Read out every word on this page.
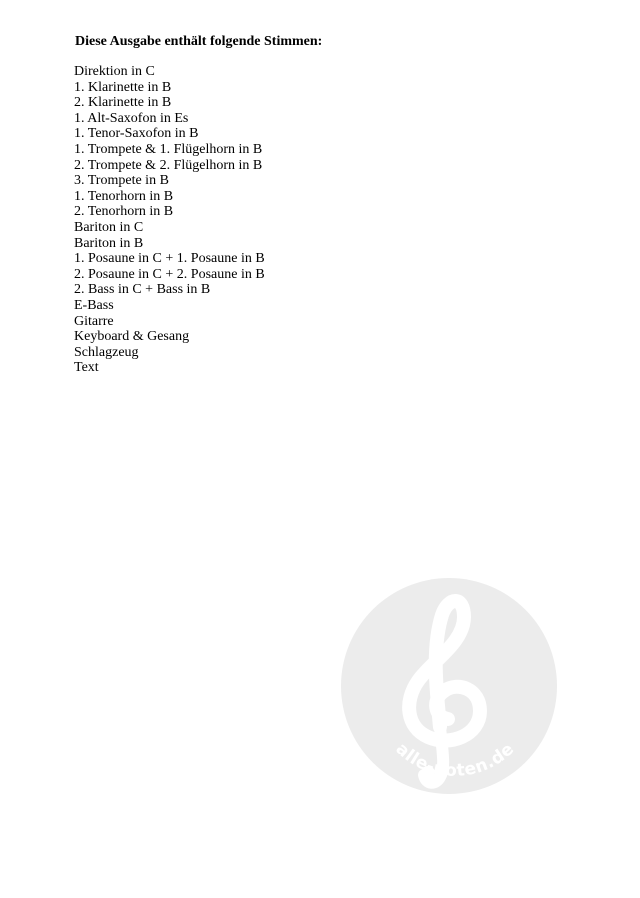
Diese Ausgabe enthält folgende Stimmen:
Direktion in C
1. Klarinette in B
2. Klarinette in B
1. Alt-Saxofon in Es
1. Tenor-Saxofon in B
1. Trompete & 1. Flügelhorn in B
2. Trompete & 2. Flügelhorn in B
3. Trompete in B
1. Tenorhorn in B
2. Tenorhorn in B
Bariton in C
Bariton in B
1. Posaune in C + 1. Posaune in B
2. Posaune in C + 2. Posaune in B
2. Bass in C + Bass in B
E-Bass
Gitarre
Keyboard & Gesang
Schlagzeug
Text
alle-noten.de
